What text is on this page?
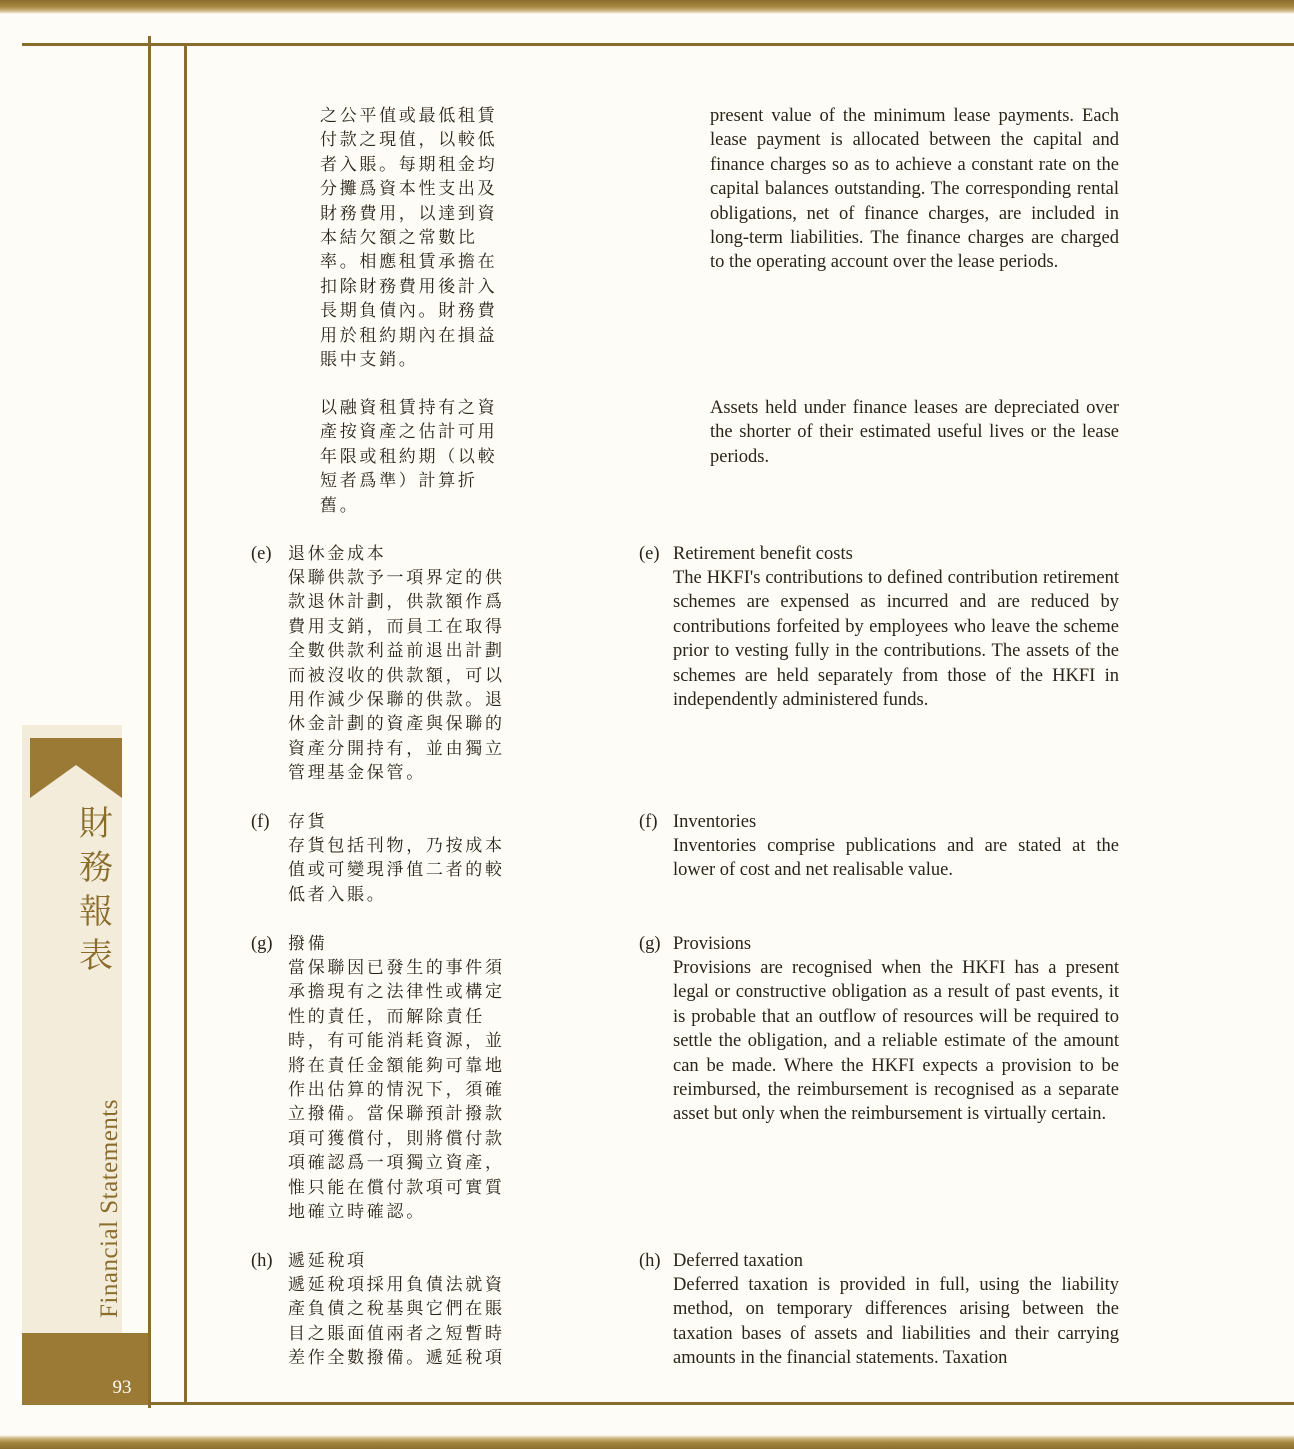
財
務
報
表
Financial Statements
93
之公平值或最低租賃
付款之現值，以較低
者入賬。每期租金均
分攤爲資本性支出及
財務費用，以達到資
本結欠額之常數比
率。相應租賃承擔在
扣除財務費用後計入
長期負債內。財務費
用於租約期內在損益
賬中支銷。
present value of the minimum lease payments. Each lease payment is allocated between the capital and finance charges so as to achieve a constant rate on the capital balances outstanding. The corresponding rental obligations, net of finance charges, are included in long-term liabilities. The finance charges are charged to the operating account over the lease periods.
以融資租賃持有之資
產按資產之估計可用
年限或租約期（以較
短者爲準）計算折
舊。
Assets held under finance leases are depreciated over the shorter of their estimated useful lives or the lease periods.
(e) 退休金成本
保聯供款予一項界定的供
款退休計劃，供款額作爲
費用支銷，而員工在取得
全數供款利益前退出計劃
而被沒收的供款額，可以
用作減少保聯的供款。退
休金計劃的資產與保聯的
資產分開持有，並由獨立
管理基金保管。
(e) Retirement benefit costs
The HKFI's contributions to defined contribution retirement schemes are expensed as incurred and are reduced by contributions forfeited by employees who leave the scheme prior to vesting fully in the contributions. The assets of the schemes are held separately from those of the HKFI in independently administered funds.
(f) 存貨
存貨包括刊物，乃按成本
值或可變現淨值二者的較
低者入賬。
(f) Inventories
Inventories comprise publications and are stated at the lower of cost and net realisable value.
(g) 撥備
當保聯因已發生的事件須
承擔現有之法律性或構定
性的責任，而解除責任
時，有可能消耗資源，並
將在責任金額能夠可靠地
作出估算的情況下，須確
立撥備。當保聯預計撥款
項可獲償付，則將償付款
項確認爲一項獨立資產，
惟只能在償付款項可實質
地確立時確認。
(g) Provisions
Provisions are recognised when the HKFI has a present legal or constructive obligation as a result of past events, it is probable that an outflow of resources will be required to settle the obligation, and a reliable estimate of the amount can be made. Where the HKFI expects a provision to be reimbursed, the reimbursement is recognised as a separate asset but only when the reimbursement is virtually certain.
(h) 遞延稅項
遞延稅項採用負債法就資
產負債之稅基與它們在賬
目之賬面值兩者之短暫時
差作全數撥備。遞延稅項
(h) Deferred taxation
Deferred taxation is provided in full, using the liability method, on temporary differences arising between the taxation bases of assets and liabilities and their carrying amounts in the financial statements. Taxation
